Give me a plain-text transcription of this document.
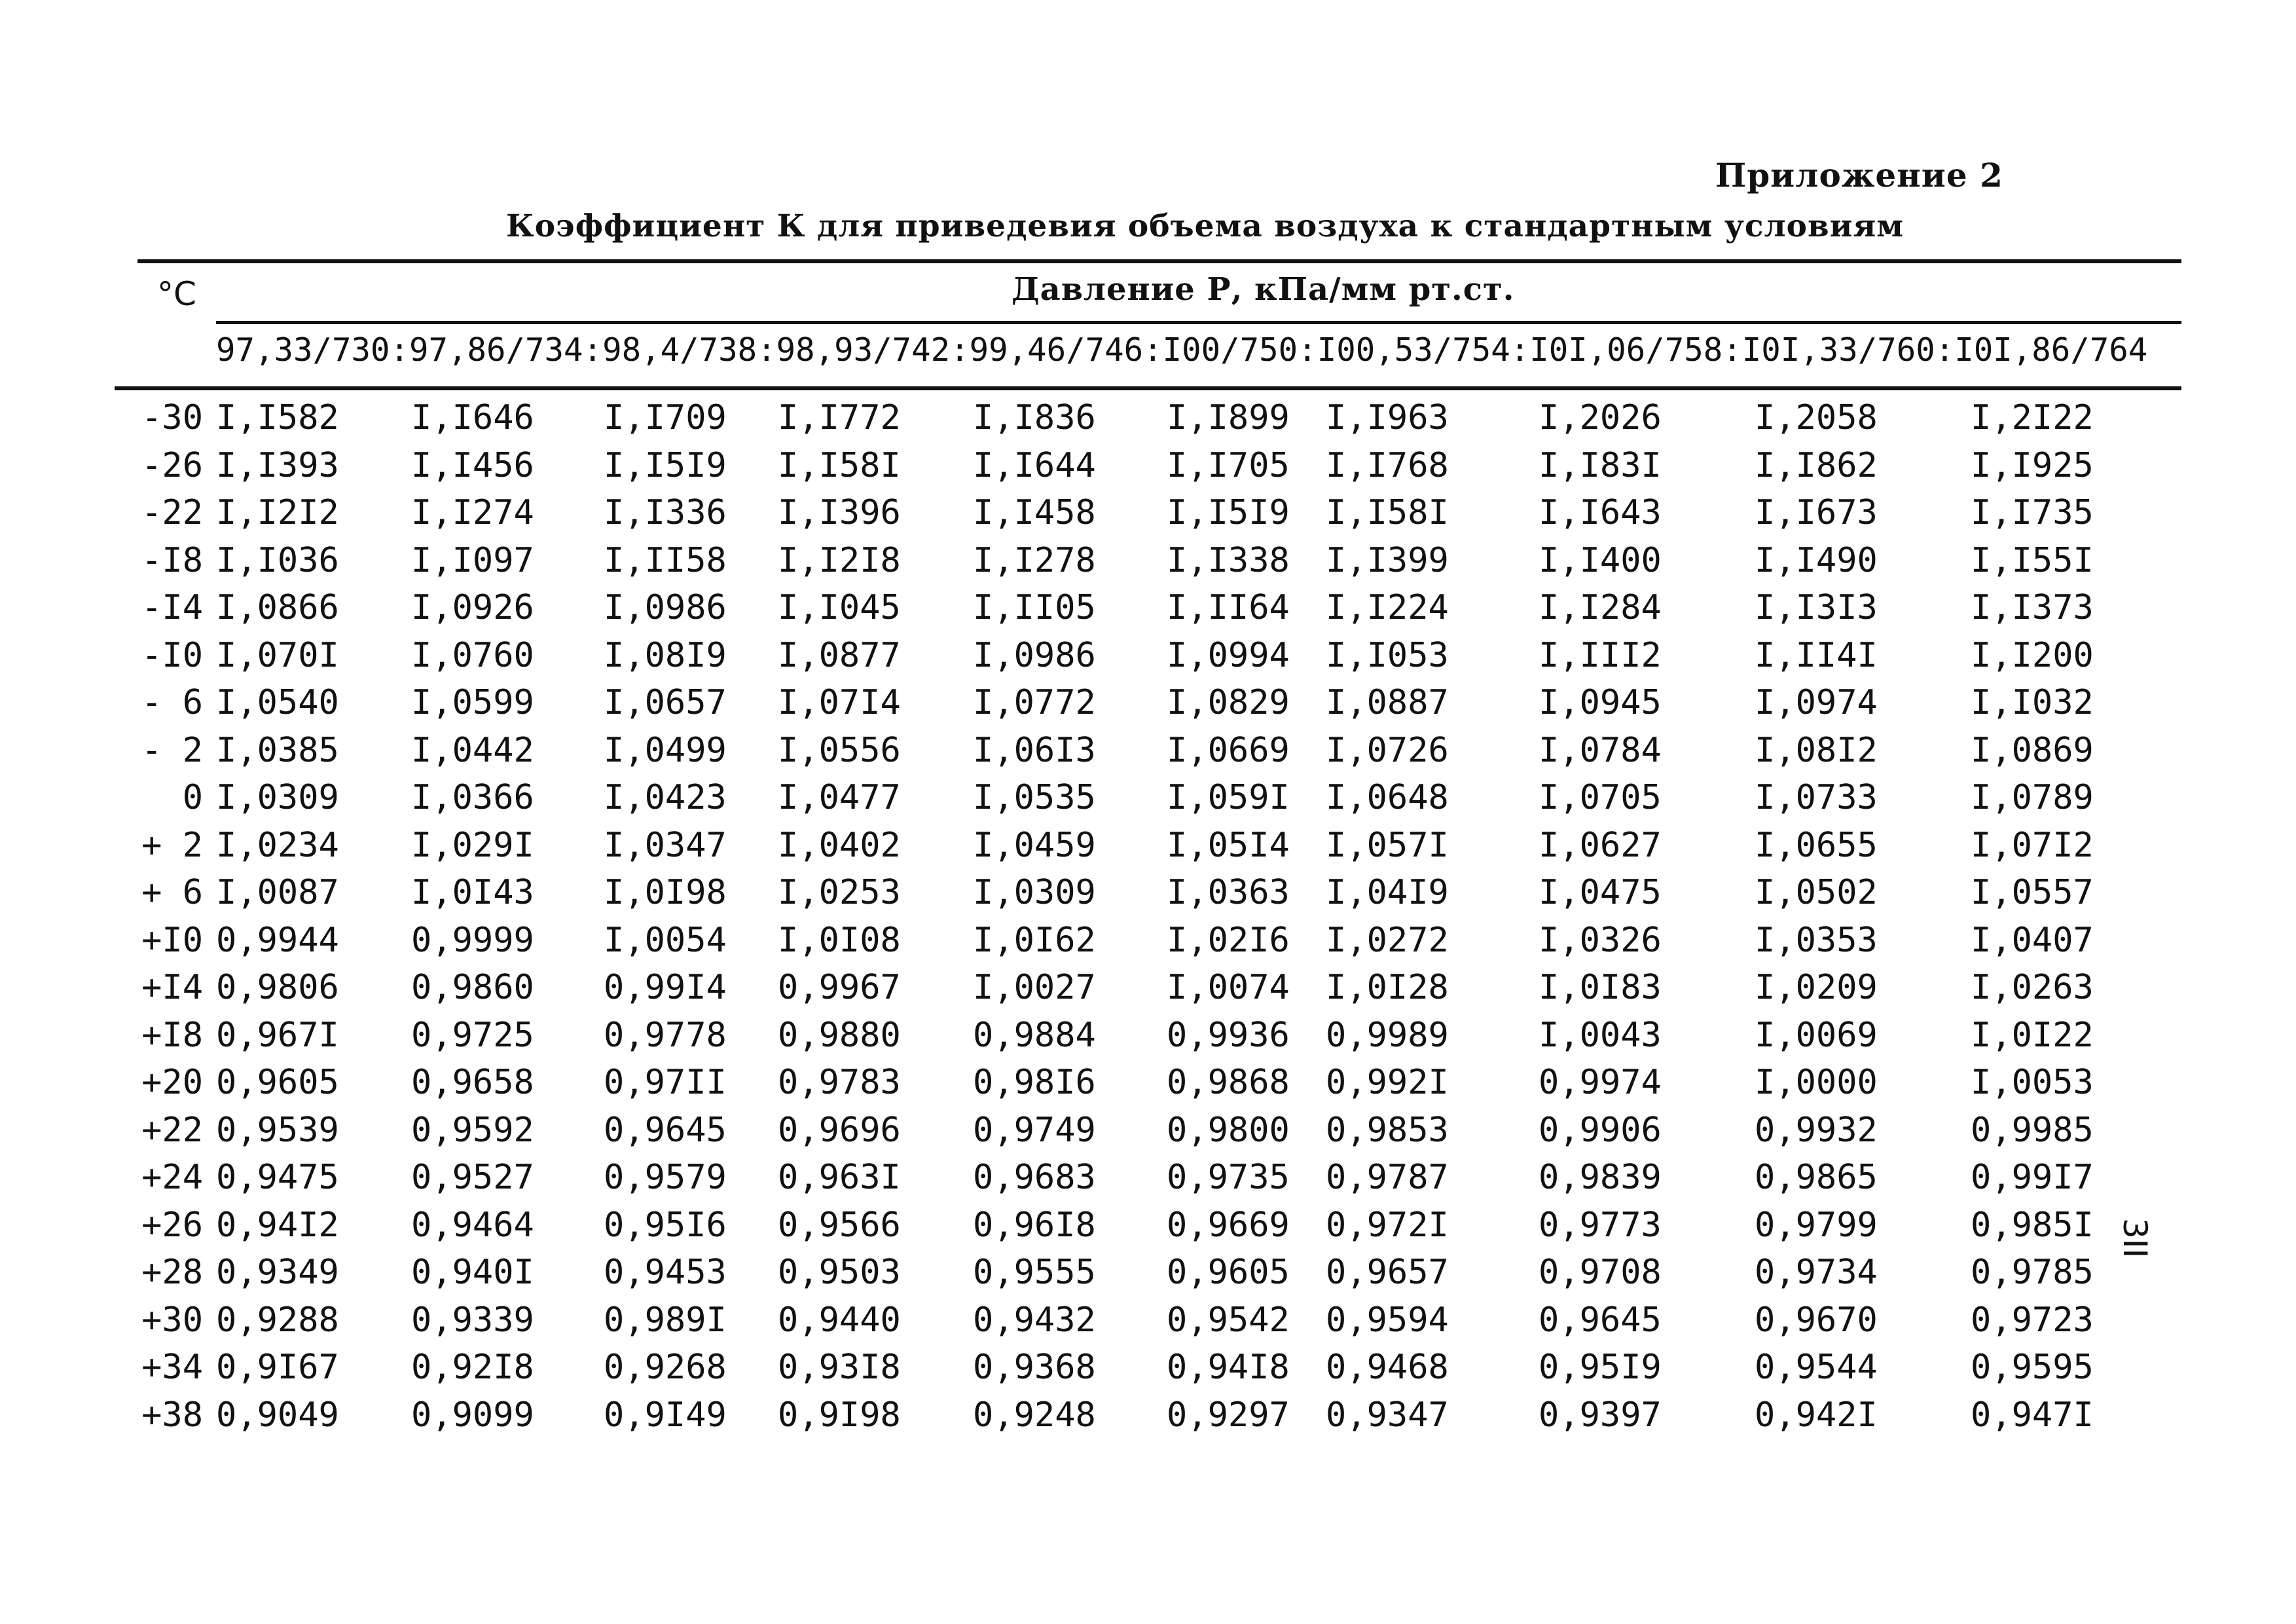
Приложение 2
Коэффициент К для приведевия объема воздуха к стандартным условиям
°C	Давление Р, кПа/мм рт.ст.
97,33/730:97,86/734:98,4/738:98,93/742:99,46/746:I00/750:I00,53/754:I0I,06/758:I0I,33/760:I0I,86/764
-30 I,I582 I,I646 I,I709 I,I772 I,I836 I,I899 I,I963	I,2026	I,2058	I,2I22
-26 I,I393 I,I456 I,I5I9 I,I58I I,I644 I,I705 I,I768	I,I83I	I,I862	I,I925
-22 I,I2I2 I,I274 I,I336 I,I396 I,I458 I,I5I9 I,I58I	I,I643	I,I673	I,I735
-I8 I,I036 I,I097 I,II58 I,I2I8 I,I278 I,I338 I,I399	I,I400	I,I490	I,I55I
-I4 I,0866 I,0926 I,0986 I,I045 I,II05 I,II64 I,I224	I,I284	I,I3I3	I,I373
-I0 I,070I I,0760 I,08I9 I,0877 I,0986 I,0994 I,I053	I,III2	I,II4I	I,I200
- 6 I,0540 I,0599 I,0657 I,07I4 I,0772 I,0829 I,0887	I,0945	I,0974	I,I032
- 2 I,0385 I,0442 I,0499 I,0556 I,06I3 I,0669 I,0726	I,0784	I,08I2	I,0869
0 I,0309 I,0366 I,0423 I,0477 I,0535 I,059I I,0648	I,0705	I,0733	I,0789
+ 2 I,0234 I,029I I,0347 I,0402 I,0459 I,05I4 I,057I	I,0627	I,0655	I,07I2
+ 6 I,0087 I,0I43 I,0I98 I,0253 I,0309 I,0363 I,04I9	I,0475	I,0502	I,0557
+I0 0,9944 0,9999 I,0054 I,0I08 I,0I62 I,02I6 I,0272	I,0326	I,0353	I,0407
+I4 0,9806 0,9860 0,99I4 0,9967 I,0027 I,0074 I,0I28	I,0I83	I,0209	I,0263
+I8 0,967I 0,9725 0,9778 0,9880 0,9884 0,9936 0,9989	I,0043	I,0069	I,0I22
+20 0,9605 0,9658 0,97II 0,9783 0,98I6 0,9868 0,992I	0,9974	I,0000	I,0053
+22 0,9539 0,9592 0,9645 0,9696 0,9749 0,9800 0,9853	0,9906	0,9932	0,9985
+24 0,9475 0,9527 0,9579 0,963I 0,9683 0,9735 0,9787	0,9839	0,9865	0,99I7
+26 0,94I2 0,9464 0,95I6 0,9566 0,96I8 0,9669 0,972I	0,9773	0,9799	0,985I
+28 0,9349 0,940I 0,9453 0,9503 0,9555 0,9605 0,9657	0,9708	0,9734	0,9785
+30 0,9288 0,9339 0,989I 0,9440 0,9432 0,9542 0,9594	0,9645	0,9670	0,9723
+34 0,9I67 0,92I8 0,9268 0,93I8 0,9368 0,94I8 0,9468	0,95I9	0,9544	0,9595
+38 0,9049 0,9099 0,9I49 0,9I98 0,9248 0,9297 0,9347	0,9397	0,942I	0,947I
3II
